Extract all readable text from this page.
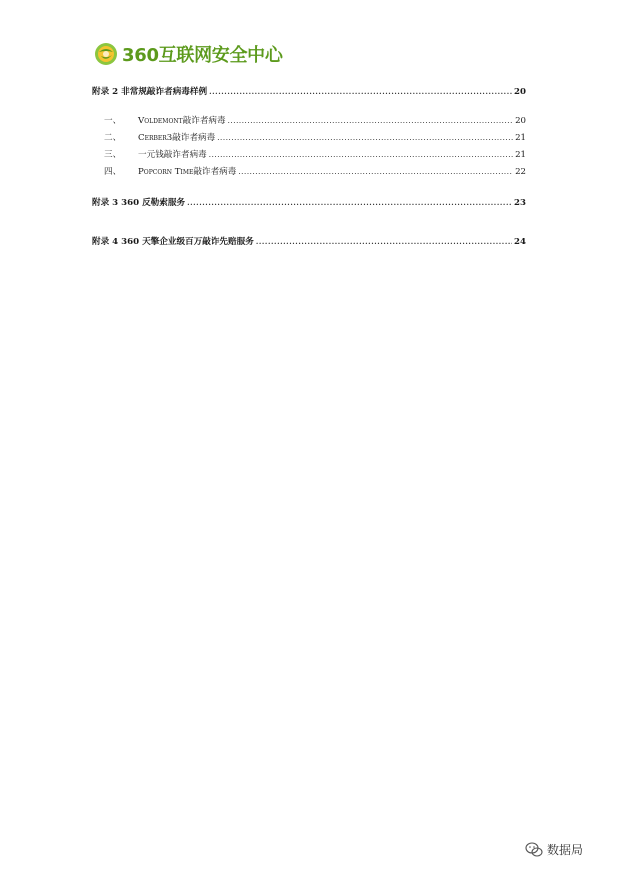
360互联网安全中心
附录 2 非常规敲诈者病毒样例 .....	20
一、	Voldemont 敲诈者病毒 .....	20
二、	Cerber3 敲诈者病毒 .....	21
三、	一元钱敲诈者病毒 .....	21
四、	Popcorn Time 敲诈者病毒 .....	22
附录 3 360 反勒索服务 .....	23
附录 4 360 天擎企业级百万敲诈先赔服务 .....	24
数据局
